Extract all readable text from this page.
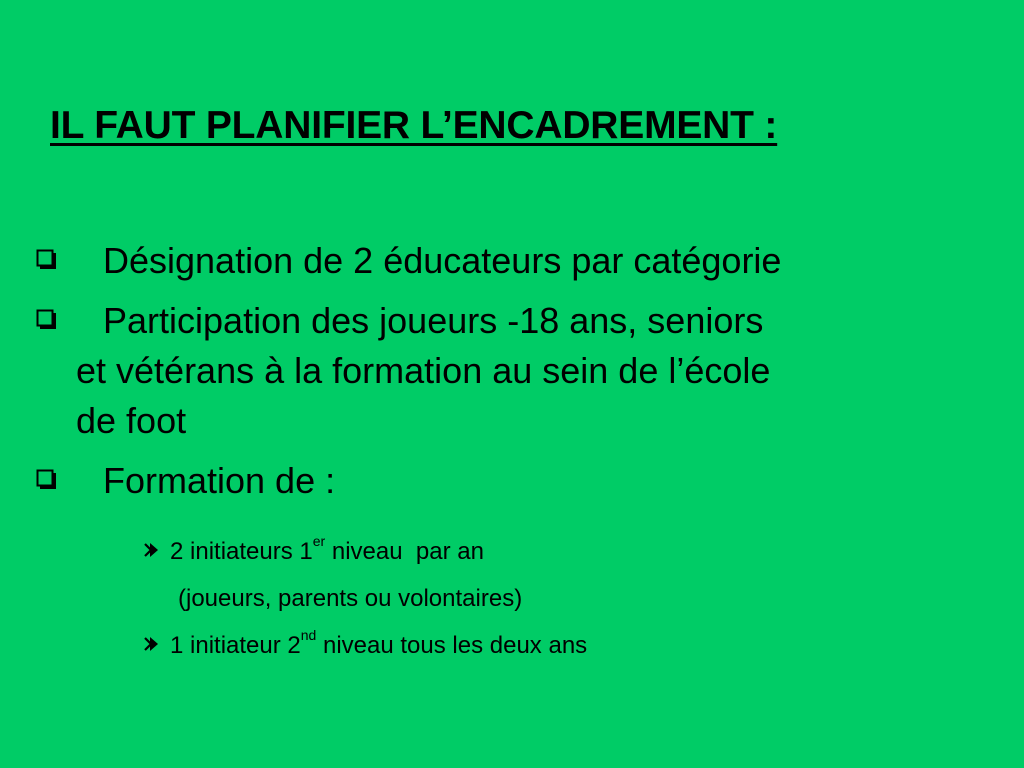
IL FAUT PLANIFIER L’ENCADREMENT :
Désignation de 2 éducateurs par catégorie
Participation des joueurs -18 ans, seniors
et vétérans à la formation au sein de l’école
de foot
Formation de :
2 initiateurs 1er niveau  par an
(joueurs, parents ou volontaires)
1 initiateur 2nd niveau tous les deux ans
